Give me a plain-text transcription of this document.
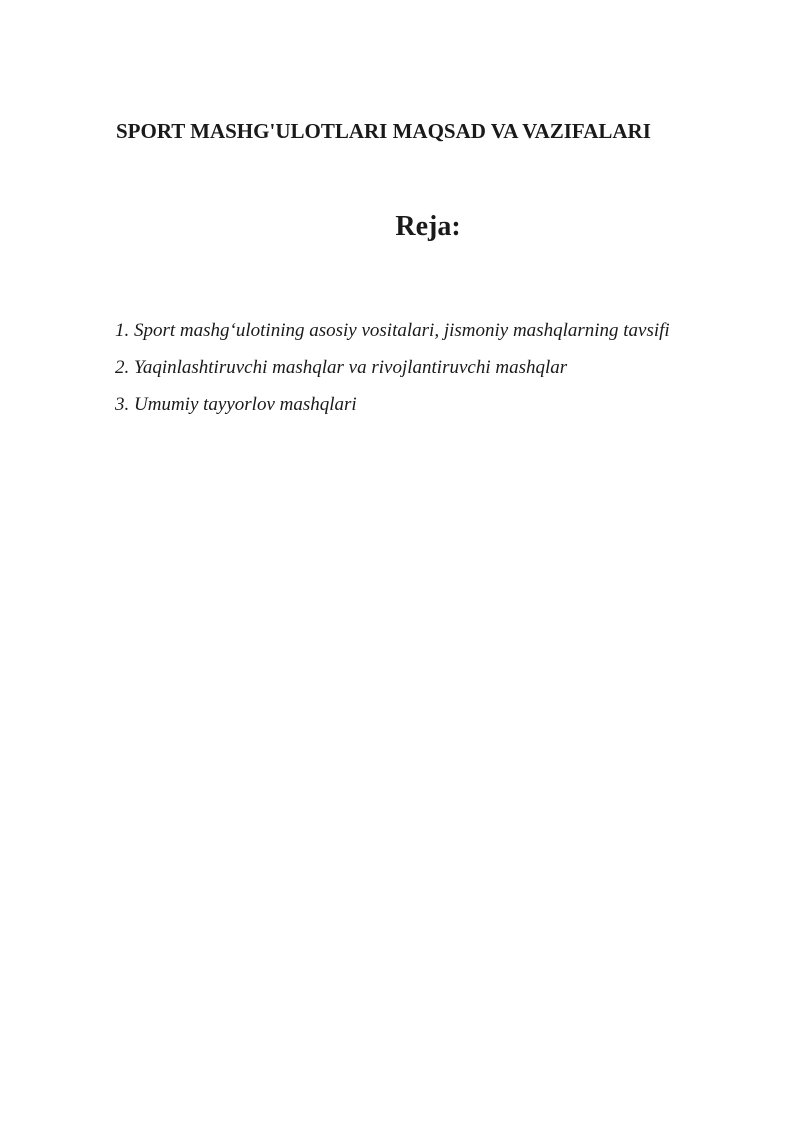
SPORT MASHG'ULOTLARI MAQSAD VA VAZIFALARI
Reja:
1. Sport mashg‘ulotining asosiy vositalari, jismoniy mashqlarning tavsifi
2. Yaqinlashtiruvchi mashqlar va rivojlantiruvchi mashqlar
3. Umumiy tayyorlov mashqlari
